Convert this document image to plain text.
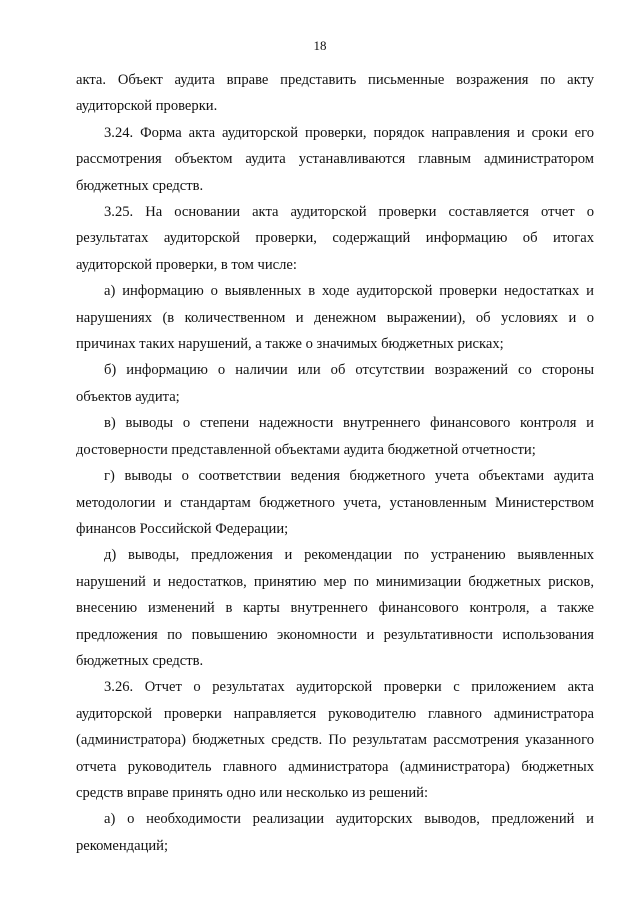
18

акта. Объект аудита вправе представить письменные возражения по акту аудиторской проверки.

3.24. Форма акта аудиторской проверки, порядок направления и сроки его рассмотрения объектом аудита устанавливаются главным администратором бюджетных средств.

3.25. На основании акта аудиторской проверки составляется отчет о результатах аудиторской проверки, содержащий информацию об итогах аудиторской проверки, в том числе:

а) информацию о выявленных в ходе аудиторской проверки недостатках и нарушениях (в количественном и денежном выражении), об условиях и о причинах таких нарушений, а также о значимых бюджетных рисках;

б) информацию о наличии или об отсутствии возражений со стороны объектов аудита;

в) выводы о степени надежности внутреннего финансового контроля и достоверности представленной объектами аудита бюджетной отчетности;

г) выводы о соответствии ведения бюджетного учета объектами аудита методологии и стандартам бюджетного учета, установленным Министерством финансов Российской Федерации;

д) выводы, предложения и рекомендации по устранению выявленных нарушений и недостатков, принятию мер по минимизации бюджетных рисков, внесению изменений в карты внутреннего финансового контроля, а также предложения по повышению экономности и результативности использования бюджетных средств.

3.26. Отчет о результатах аудиторской проверки с приложением акта аудиторской проверки направляется руководителю главного администратора (администратора) бюджетных средств. По результатам рассмотрения указанного отчета руководитель главного администратора (администратора) бюджетных средств вправе принять одно или несколько из решений:

а) о необходимости реализации аудиторских выводов, предложений и рекомендаций;
